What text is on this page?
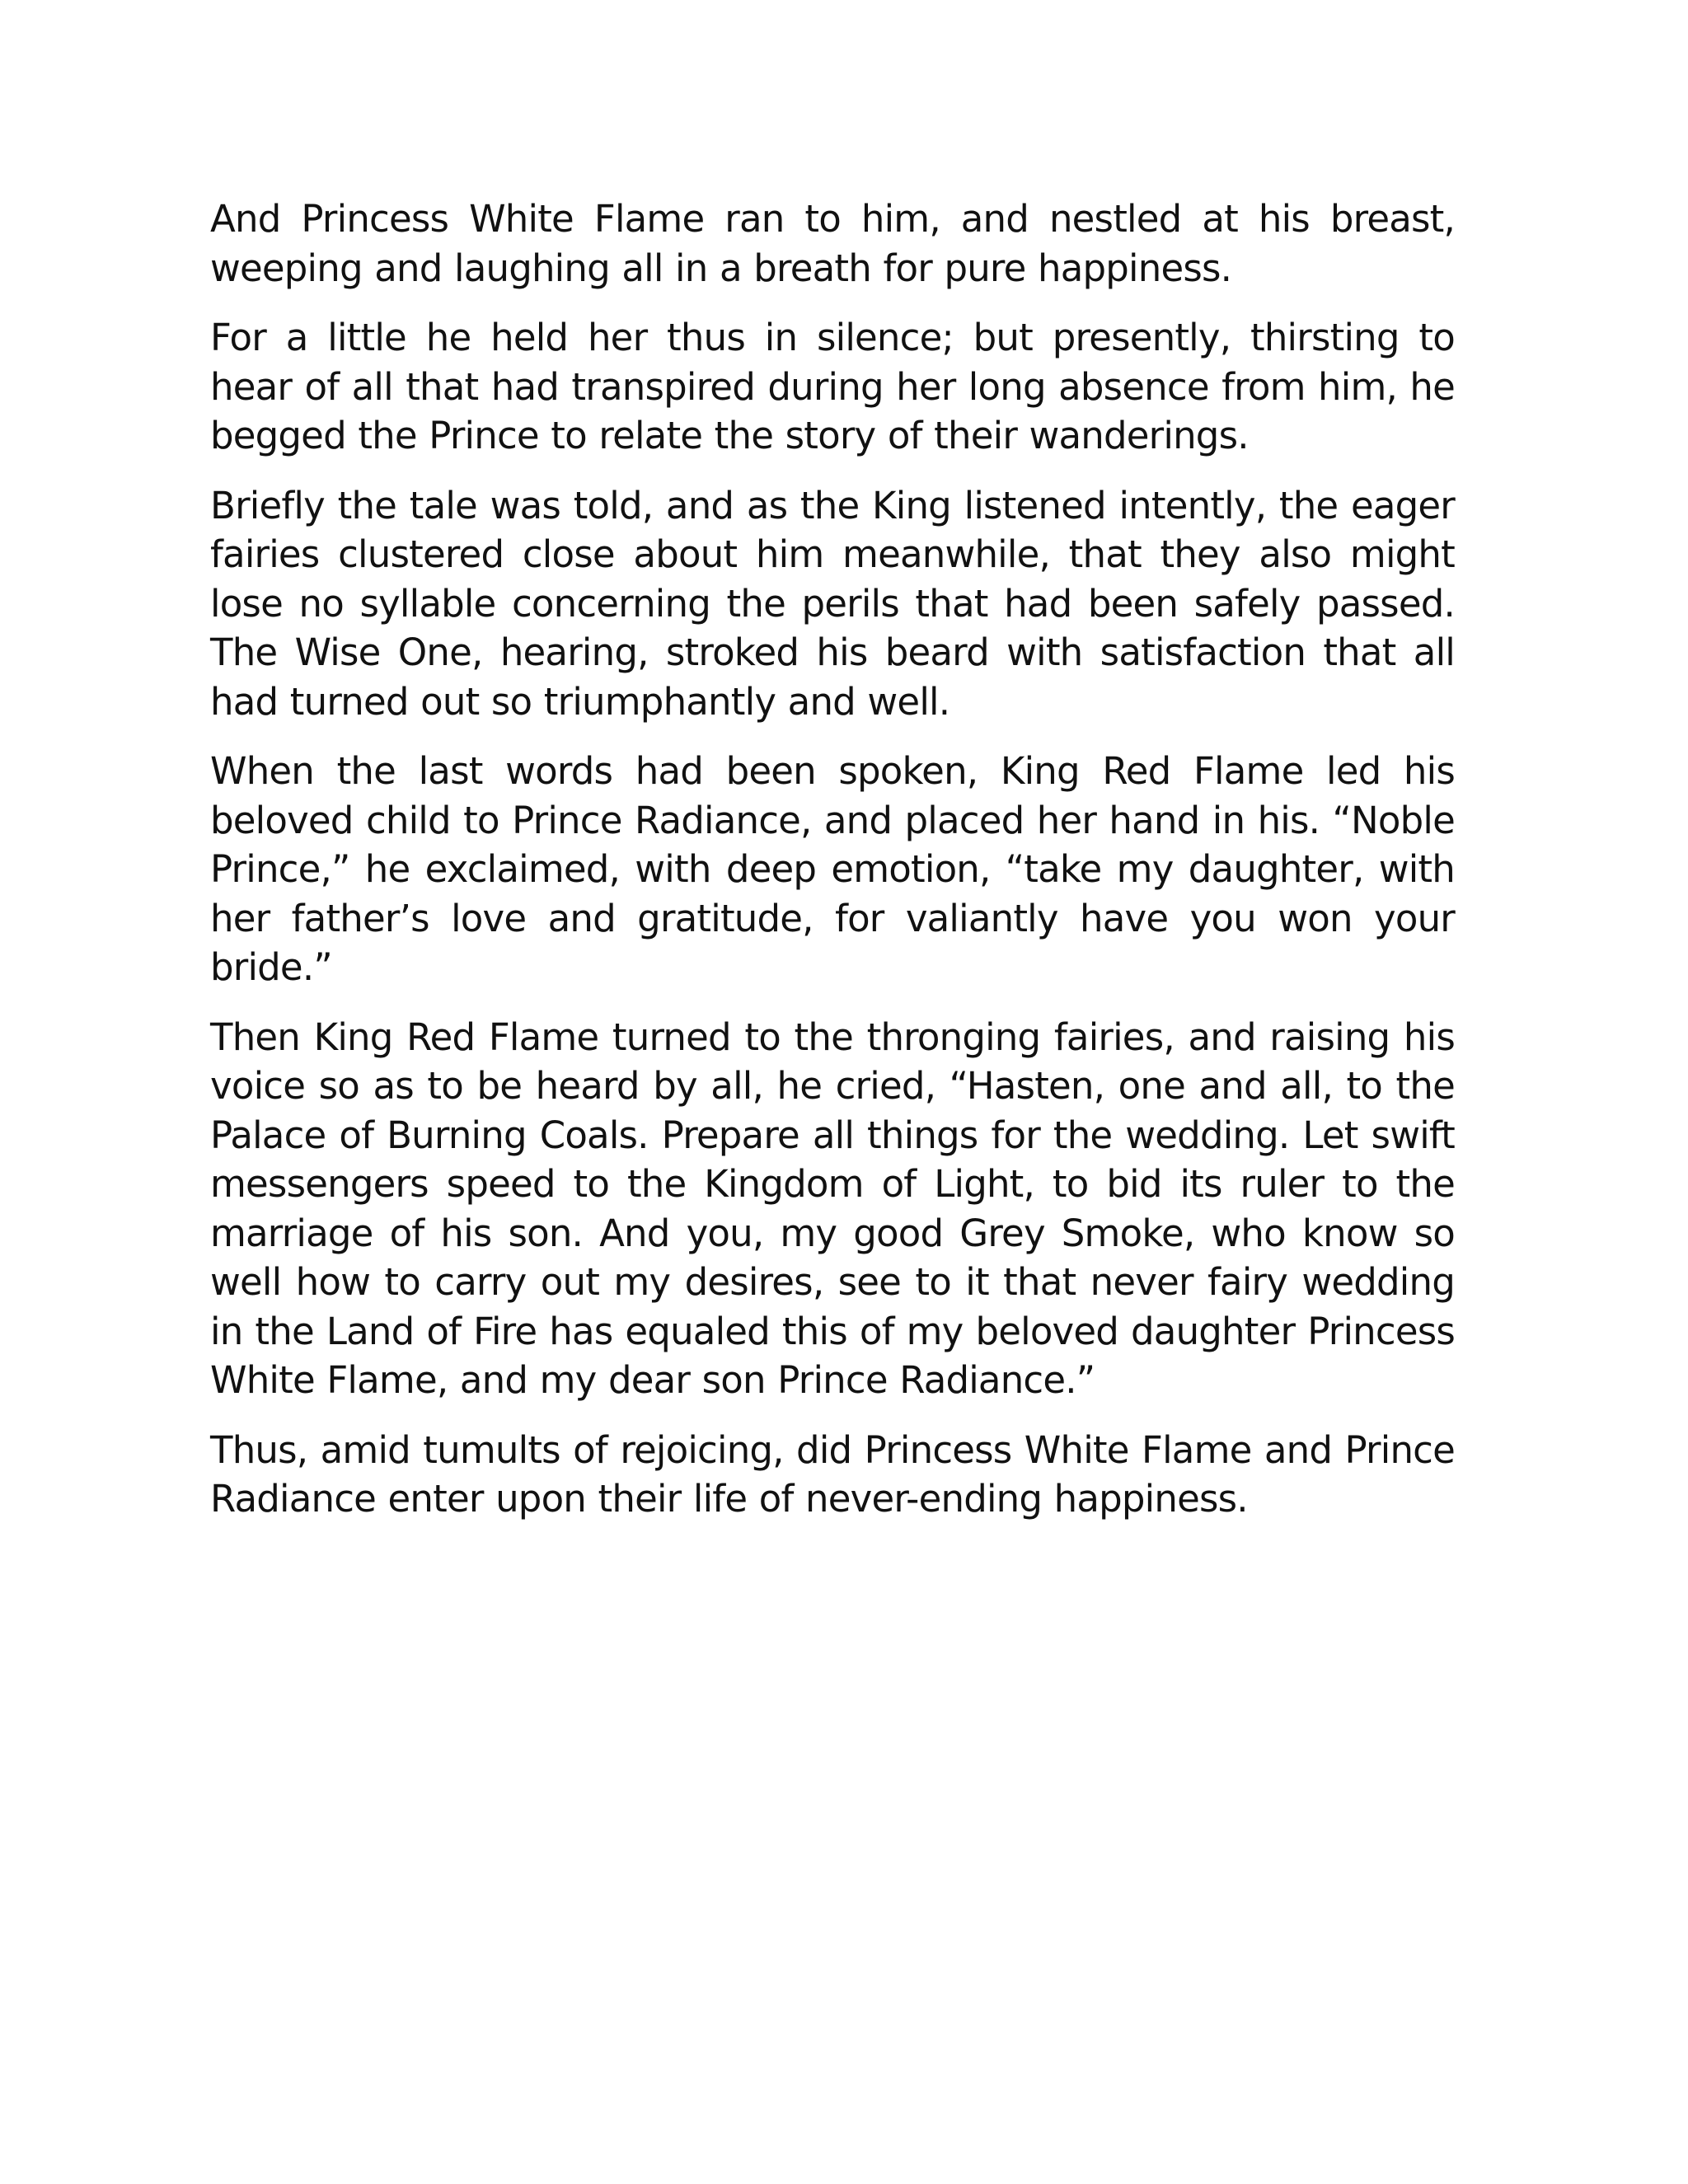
And Princess White Flame ran to him, and nestled at his breast, weeping and laughing all in a breath for pure happiness.

For a little he held her thus in silence; but presently, thirsting to hear of all that had transpired during her long absence from him, he begged the Prince to relate the story of their wanderings.

Briefly the tale was told, and as the King listened intently, the eager fairies clustered close about him meanwhile, that they also might lose no syllable concerning the perils that had been safely passed. The Wise One, hearing, stroked his beard with satisfaction that all had turned out so triumphantly and well.

When the last words had been spoken, King Red Flame led his beloved child to Prince Radiance, and placed her hand in his. “Noble Prince,” he exclaimed, with deep emotion, “take my daughter, with her father’s love and gratitude, for valiantly have you won your bride.”

Then King Red Flame turned to the thronging fairies, and raising his voice so as to be heard by all, he cried, “Hasten, one and all, to the Palace of Burning Coals. Prepare all things for the wedding. Let swift messengers speed to the Kingdom of Light, to bid its ruler to the marriage of his son. And you, my good Grey Smoke, who know so well how to carry out my desires, see to it that never fairy wedding in the Land of Fire has equaled this of my beloved daughter Princess White Flame, and my dear son Prince Radiance.”

Thus, amid tumults of rejoicing, did Princess White Flame and Prince Radiance enter upon their life of never-ending happiness.
